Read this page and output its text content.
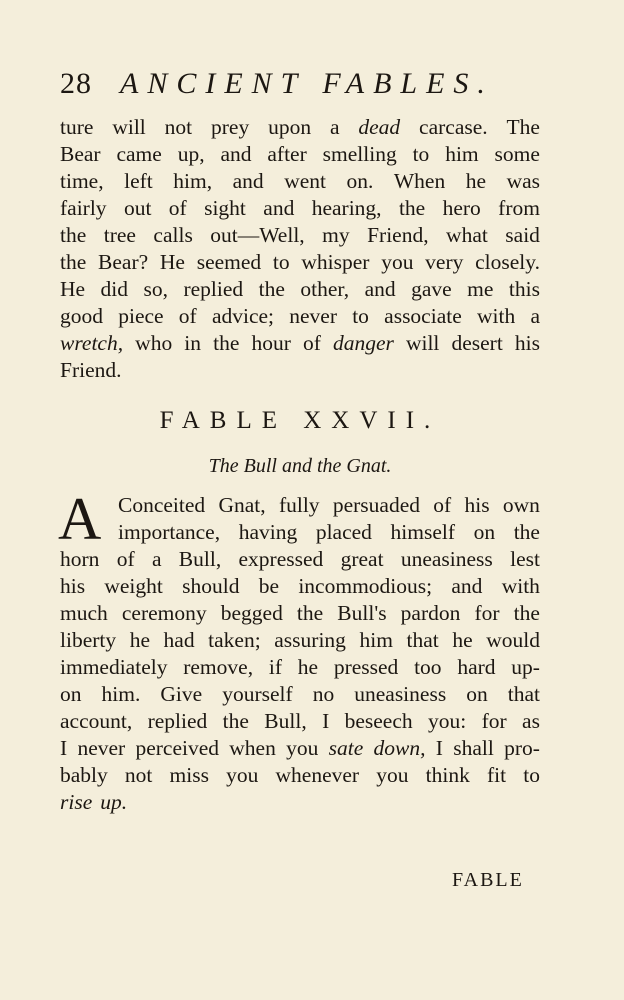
28 ANCIENT FABLES.
ture will not prey upon a dead carcase. The
Bear came up, and after smelling to him some
time, left him, and went on. When he was
fairly out of sight and hearing, the hero from
the tree calls out—Well, my Friend, what said
the Bear? He seemed to whisper you very closely.
He did so, replied the other, and gave me this
good piece of advice; never to associate with a
wretch, who in the hour of danger will desert his
Friend.
FABLE XXVII.
The Bull and the Gnat.
A Conceited Gnat, fully persuaded of his own
importance, having placed himself on the
horn of a Bull, expressed great uneasiness lest
his weight should be incommodious; and with
much ceremony begged the Bull's pardon for the
liberty he had taken; assuring him that he would
immediately remove, if he pressed too hard up-
on him. Give yourself no uneasiness on that
account, replied the Bull, I beseech you: for as
I never perceived when you sate down, I shall pro-
bably not miss you whenever you think fit to
rise up.
FABLE
